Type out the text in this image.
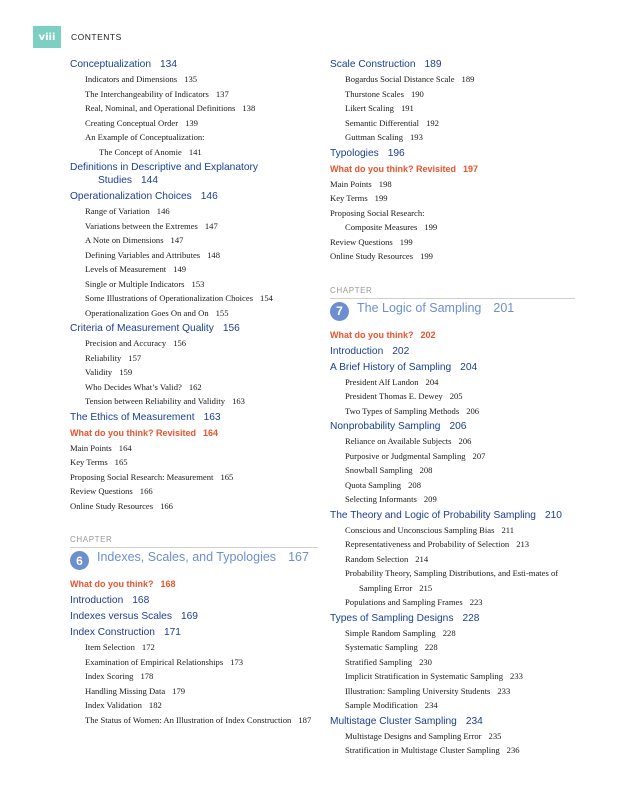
viii	CONTENTS
Conceptualization 134
Indicators and Dimensions 135
The Interchangeability of Indicators 137
Real, Nominal, and Operational Definitions 138
Creating Conceptual Order 139
An Example of Conceptualization:
The Concept of Anomie 141
Definitions in Descriptive and Explanatory Studies 144
Operationalization Choices 146
Range of Variation 146
Variations between the Extremes 147
A Note on Dimensions 147
Defining Variables and Attributes 148
Levels of Measurement 149
Single or Multiple Indicators 153
Some Illustrations of Operationalization Choices 154
Operationalization Goes On and On 155
Criteria of Measurement Quality 156
Precision and Accuracy 156
Reliability 157
Validity 159
Who Decides What’s Valid? 162
Tension between Reliability and Validity 163
The Ethics of Measurement 163
What do you think? Revisited 164
Main Points 164
Key Terms 165
Proposing Social Research: Measurement 165
Review Questions 166
Online Study Resources 166
CHAPTER
6	Indexes, Scales, and Typologies 167
What do you think? 168
Introduction 168
Indexes versus Scales 169
Index Construction 171
Item Selection 172
Examination of Empirical Relationships 173
Index Scoring 178
Handling Missing Data 179
Index Validation 182
The Status of Women: An Illustration of Index Construction 187
Scale Construction 189
Bogardus Social Distance Scale 189
Thurstone Scales 190
Likert Scaling 191
Semantic Differential 192
Guttman Scaling 193
Typologies 196
What do you think? Revisited 197
Main Points 198
Key Terms 199
Proposing Social Research:
Composite Measures 199
Review Questions 199
Online Study Resources 199
CHAPTER
7	The Logic of Sampling 201
What do you think? 202
Introduction 202
A Brief History of Sampling 204
President Alf Landon 204
President Thomas E. Dewey 205
Two Types of Sampling Methods 206
Nonprobability Sampling 206
Reliance on Available Subjects 206
Purposive or Judgmental Sampling 207
Snowball Sampling 208
Quota Sampling 208
Selecting Informants 209
The Theory and Logic of Probability Sampling 210
Conscious and Unconscious Sampling Bias 211
Representativeness and Probability of Selection 213
Random Selection 214
Probability Theory, Sampling Distributions, and Esti-mates of Sampling Error 215
Populations and Sampling Frames 223
Types of Sampling Designs 228
Simple Random Sampling 228
Systematic Sampling 228
Stratified Sampling 230
Implicit Stratification in Systematic Sampling 233
Illustration: Sampling University Students 233
Sample Modification 234
Multistage Cluster Sampling 234
Multistage Designs and Sampling Error 235
Stratification in Multistage Cluster Sampling 236
